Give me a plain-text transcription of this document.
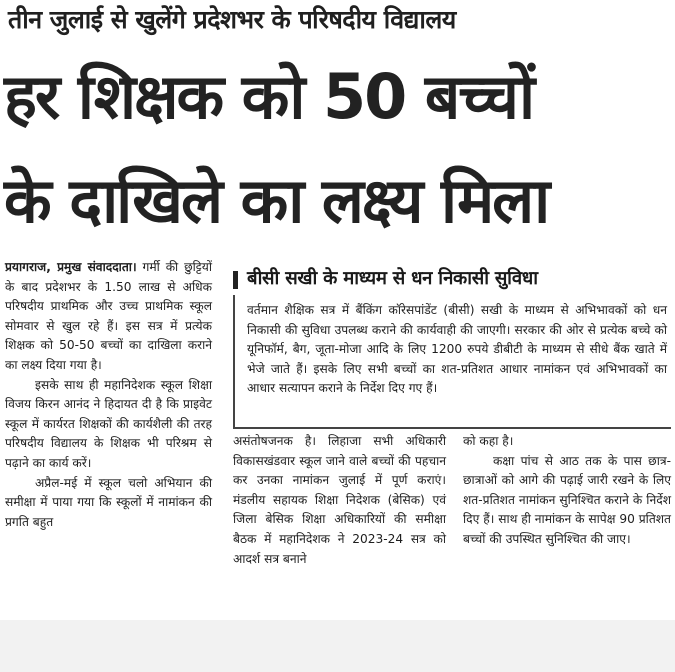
तीन जुलाई से खुलेंगे प्रदेशभर के परिषदीय विद्यालय
हर शिक्षक को 50 बच्चों
के दाखिले का लक्ष्य मिला

प्रयागराज, प्रमुख संवाददाता। गर्मी की छुट्टियों के बाद प्रदेशभर के 1.50 लाख से अधिक परिषदीय प्राथमिक और उच्च प्राथमिक स्कूल सोमवार से खुल रहे हैं। इस सत्र में प्रत्येक शिक्षक को 50-50 बच्चों का दाखिला कराने का लक्ष्य दिया गया है।

इसके साथ ही महानिदेशक स्कूल शिक्षा विजय किरन आनंद ने हिदायत दी है कि प्राइवेट स्कूल में कार्यरत शिक्षकों की कार्यशैली की तरह परिषदीय विद्यालय के शिक्षक भी परिश्रम से पढ़ाने का कार्य करें।

अप्रैल-मई में स्कूल चलो अभियान की समीक्षा में पाया गया कि स्कूलों में नामांकन की प्रगति बहुत

बीसी सखी के माध्यम से धन निकासी सुविधा
वर्तमान शैक्षिक सत्र में बैंकिंग कॉरेसपांडेंट (बीसी) सखी के माध्यम से अभिभावकों को धन निकासी की सुविधा उपलब्ध कराने की कार्यवाही की जाएगी। सरकार की ओर से प्रत्येक बच्चे को यूनिफॉर्म, बैग, जूता-मोजा आदि के लिए 1200 रुपये डीबीटी के माध्यम से सीधे बैंक खाते में भेजे जाते हैं। इसके लिए सभी बच्चों का शत-प्रतिशत आधार नामांकन एवं अभिभावकों का आधार सत्यापन कराने के निर्देश दिए गए हैं।

असंतोषजनक है। लिहाजा सभी अधिकारी विकासखंडवार स्कूल जाने वाले बच्चों की पहचान कर उनका नामांकन जुलाई में पूर्ण कराएं। मंडलीय सहायक शिक्षा निदेशक (बेसिक) एवं जिला बेसिक शिक्षा अधिकारियों की समीक्षा बैठक में महानिदेशक ने 2023-24 सत्र को आदर्श सत्र बनाने

को कहा है।

कक्षा पांच से आठ तक के पास छात्र-छात्राओं को आगे की पढ़ाई जारी रखने के लिए शत-प्रतिशत नामांकन सुनिश्चित कराने के निर्देश दिए हैं। साथ ही नामांकन के सापेक्ष 90 प्रतिशत बच्चों की उपस्थित सुनिश्चित की जाए।
